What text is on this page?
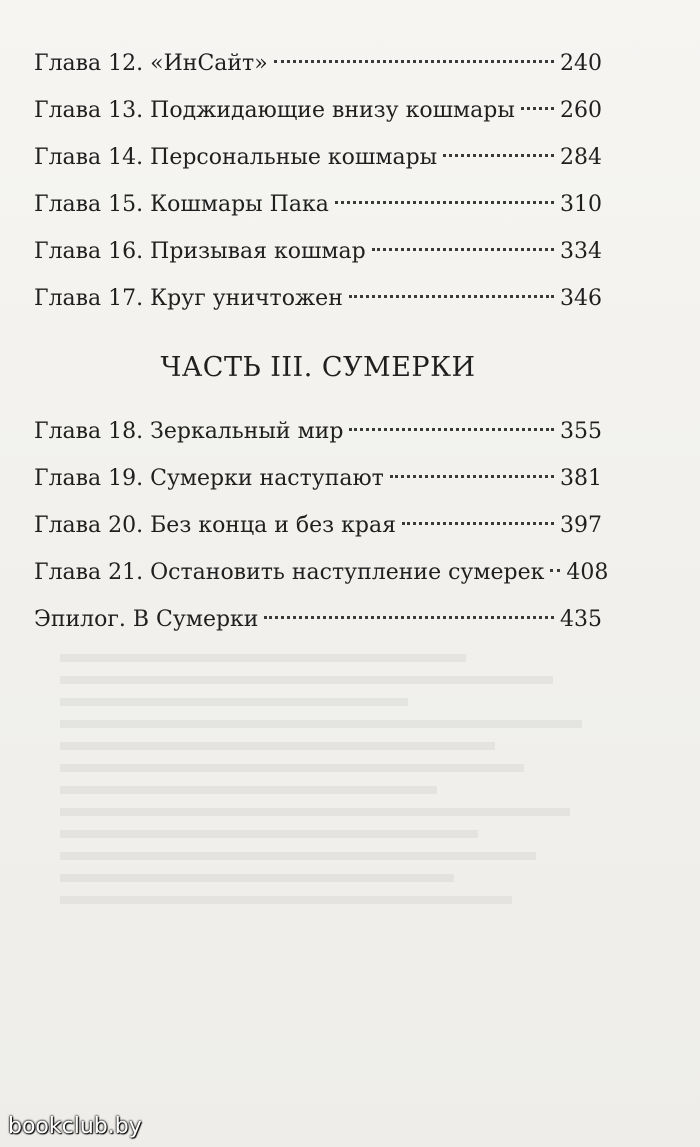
Глава 12. «ИнСайт»	240
Глава 13. Поджидающие внизу кошмары 260
Глава 14. Персональные кошмары	284
Глава 15. Кошмары Пака	310
Глава 16. Призывая кошмар	334
Глава 17. Круг уничтожен	346
ЧАСТЬ III. СУМЕРКИ
Глава 18. Зеркальный мир	355
Глава 19. Сумерки наступают	381
Глава 20. Без конца и без края	397
Глава 21. Остановить наступление сумерек 408
Эпилог. В Сумерки	435
bookclub.by
